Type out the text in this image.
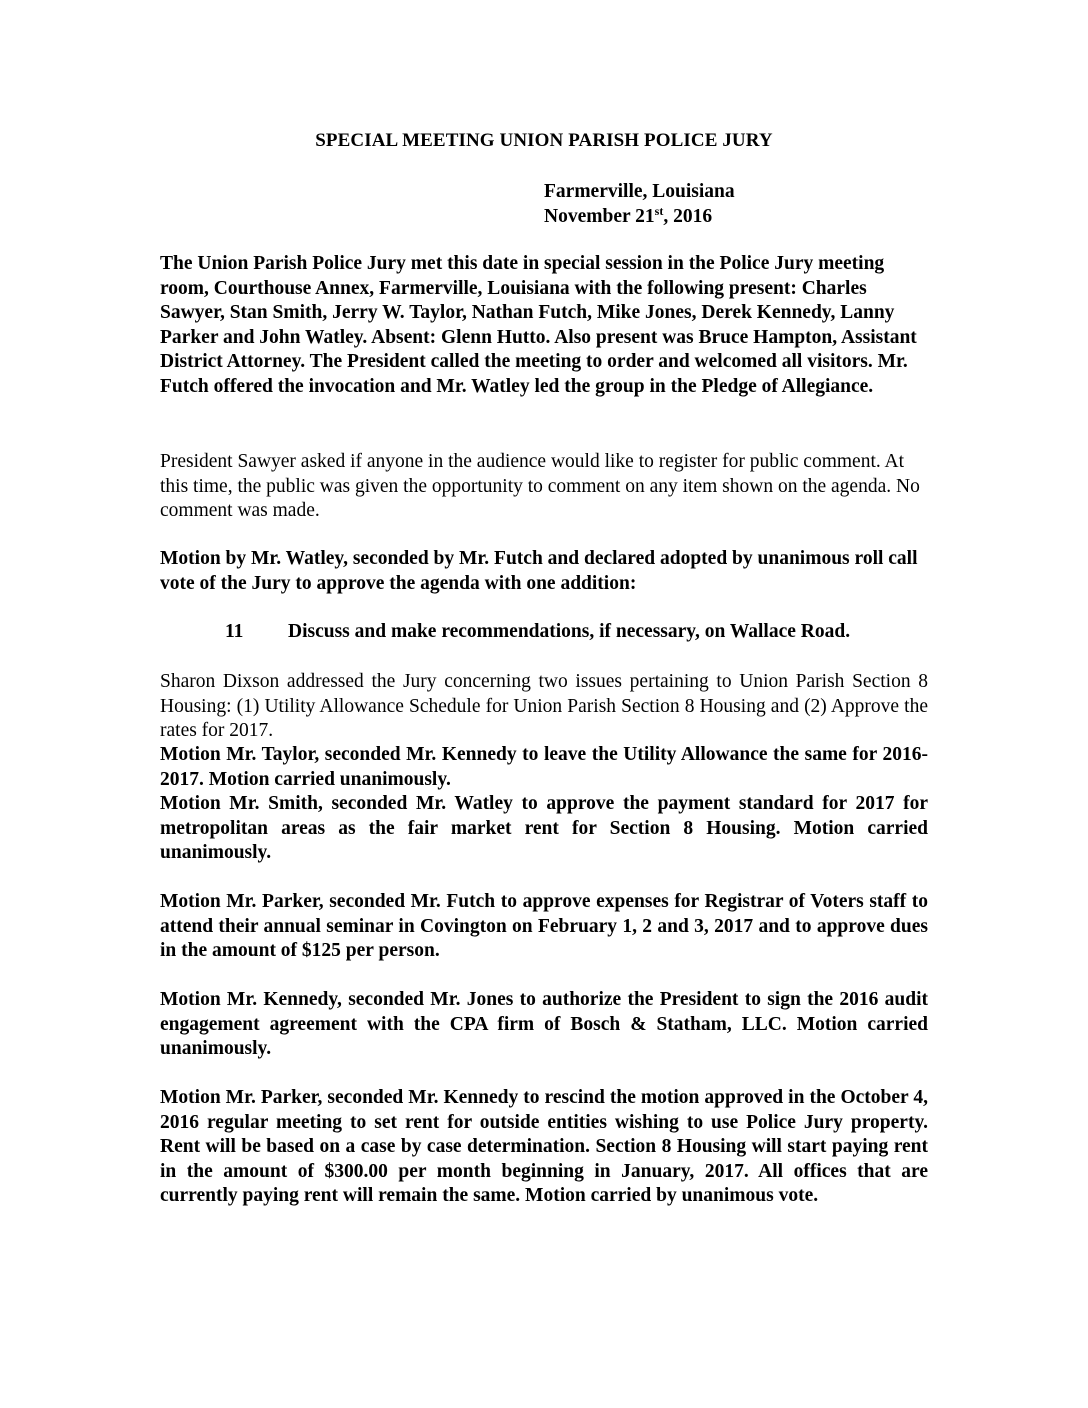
SPECIAL MEETING UNION PARISH POLICE JURY
Farmerville, Louisiana
November 21st, 2016

The Union Parish Police Jury met this date in special session in the Police Jury meeting room, Courthouse Annex, Farmerville, Louisiana with the following present: Charles Sawyer, Stan Smith, Jerry W. Taylor, Nathan Futch, Mike Jones, Derek Kennedy, Lanny Parker and John Watley. Absent: Glenn Hutto. Also present was Bruce Hampton, Assistant District Attorney. The President called the meeting to order and welcomed all visitors. Mr. Futch offered the invocation and Mr. Watley led the group in the Pledge of Allegiance.

President Sawyer asked if anyone in the audience would like to register for public comment. At this time, the public was given the opportunity to comment on any item shown on the agenda. No comment was made.

Motion by Mr. Watley, seconded by Mr. Futch and declared adopted by unanimous roll call vote of the Jury to approve the agenda with one addition:

11 Discuss and make recommendations, if necessary, on Wallace Road.

Sharon Dixson addressed the Jury concerning two issues pertaining to Union Parish Section 8 Housing: (1) Utility Allowance Schedule for Union Parish Section 8 Housing and (2) Approve the rates for 2017.

Motion Mr. Taylor, seconded Mr. Kennedy to leave the Utility Allowance the same for 2016-2017. Motion carried unanimously.

Motion Mr. Smith, seconded Mr. Watley to approve the payment standard for 2017 for metropolitan areas as the fair market rent for Section 8 Housing. Motion carried unanimously.

Motion Mr. Parker, seconded Mr. Futch to approve expenses for Registrar of Voters staff to attend their annual seminar in Covington on February 1, 2 and 3, 2017 and to approve dues in the amount of $125 per person.

Motion Mr. Kennedy, seconded Mr. Jones to authorize the President to sign the 2016 audit engagement agreement with the CPA firm of Bosch & Statham, LLC. Motion carried unanimously.

Motion Mr. Parker, seconded Mr. Kennedy to rescind the motion approved in the October 4, 2016 regular meeting to set rent for outside entities wishing to use Police Jury property. Rent will be based on a case by case determination. Section 8 Housing will start paying rent in the amount of $300.00 per month beginning in January, 2017. All offices that are currently paying rent will remain the same. Motion carried by unanimous vote.
